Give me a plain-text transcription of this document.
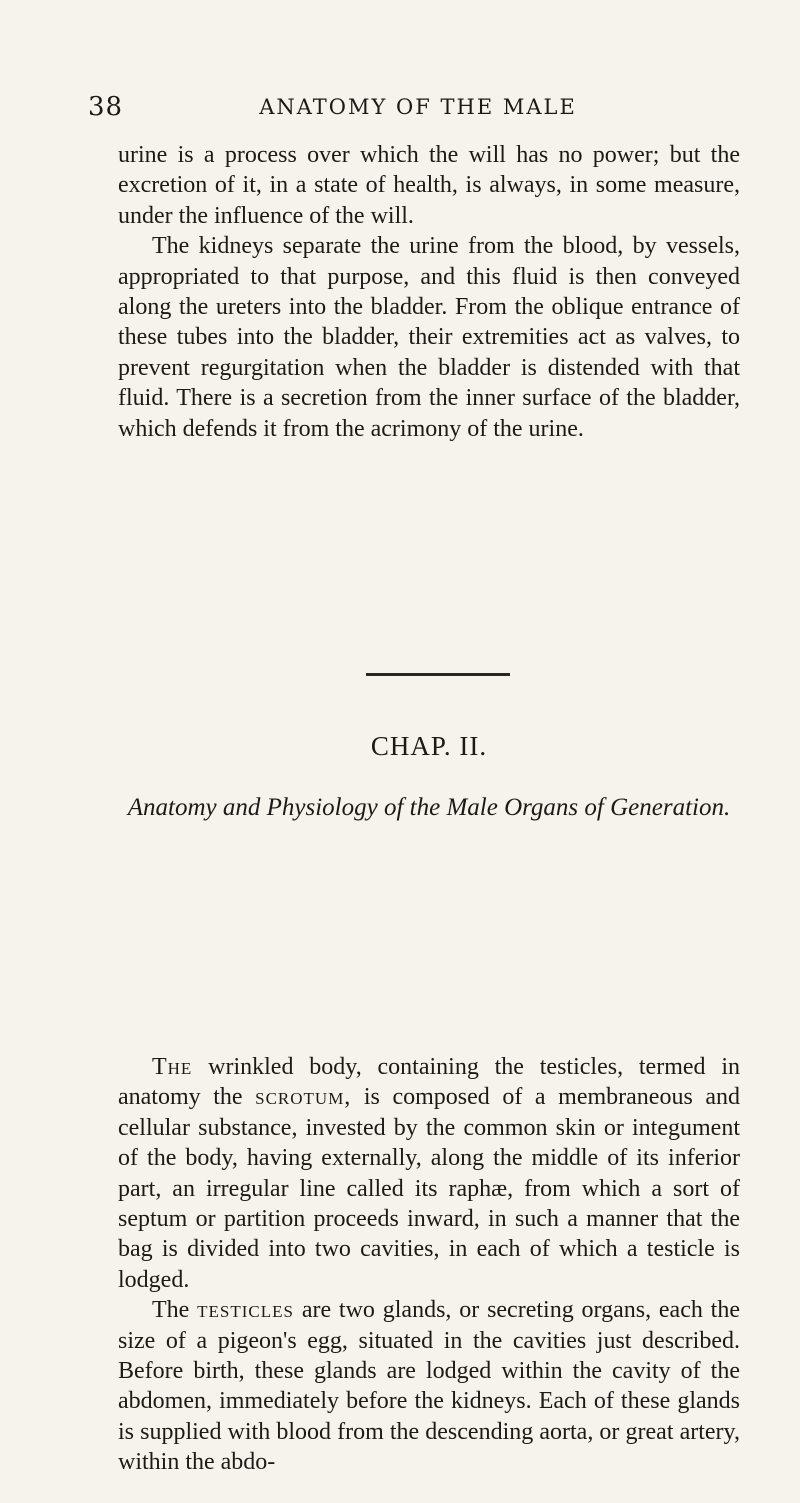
38	ANATOMY OF THE MALE

urine is a process over which the will has no power; but the excretion of it, in a state of health, is always, in some measure, under the influence of the will.

The kidneys separate the urine from the blood, by vessels, appropriated to that purpose, and this fluid is then conveyed along the ureters into the bladder. From the oblique entrance of these tubes into the bladder, their extremities act as valves, to prevent regurgitation when the bladder is distended with that fluid. There is a secretion from the inner surface of the bladder, which defends it from the acrimony of the urine.

CHAP. II.
Anatomy and Physiology of the Male Organs of Generation.

The wrinkled body, containing the testicles, termed in anatomy the scrotum, is composed of a membraneous and cellular substance, invested by the common skin or integument of the body, having externally, along the middle of its inferior part, an irregular line called its raphæ, from which a sort of septum or partition proceeds inward, in such a manner that the bag is divided into two cavities, in each of which a testicle is lodged.

The testicles are two glands, or secreting organs, each the size of a pigeon's egg, situated in the cavities just described. Before birth, these glands are lodged within the cavity of the abdomen, immediately before the kidneys. Each of these glands is supplied with blood from the descending aorta, or great artery, within the abdo-
